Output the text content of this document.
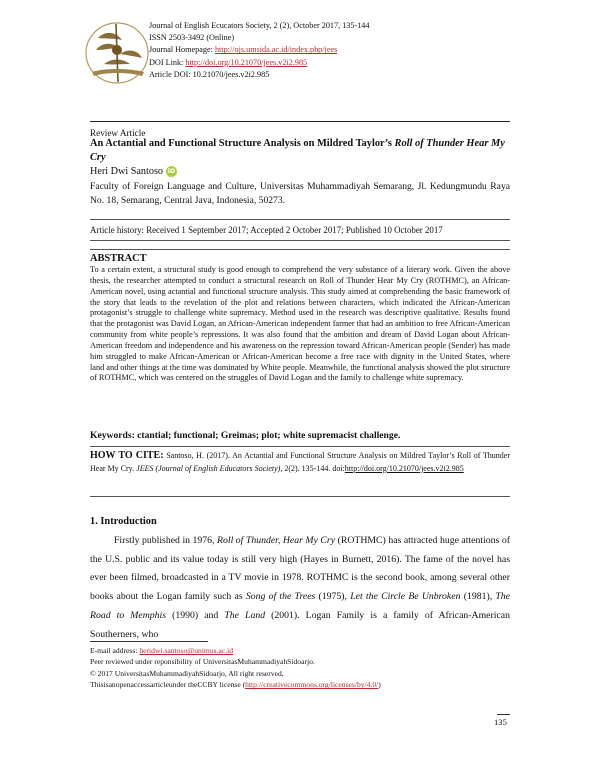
Journal of English Ecucators Society, 2 (2), October 2017, 135-144
ISSN 2503-3492 (Online)
Journal Homepage: http://ojs.umsida.ac.id/index.php/jees
DOI Link: http://doi.org/10.21070/jees.v2i2.985
Article DOI: 10.21070/jees.v2i2.985
Review Article
An Actantial and Functional Structure Analysis on Mildred Taylor’s Roll of Thunder Hear My Cry
Heri Dwi Santoso iD
Faculty of Foreign Language and Culture, Universitas Muhammadiyah Semarang, Jl. Kedungmundu Raya No. 18, Semarang, Central Java, Indonesia, 50273.
Article history: Received 1 September 2017; Accepted 2 October 2017; Published 10 October 2017
ABSTRACT
To a certain extent, a structural study is good enough to comprehend the very substance of a literary work. Given the above thesis, the researcher attempted to conduct a structural research on Roll of Thunder Hear My Cry (ROTHMC), an African-American novel, using actantial and functional structure analysis. This study aimed at comprehending the basic framework of the story that leads to the revelation of the plot and relations between characters, which indicated the African-American protagonist’s struggle to challenge white supremacy. Method used in the research was descriptive qualitative. Results found that the protagonist was David Logan, an African-American independent farmer that had an ambition to free African-American community from white people’s repressions. It was also found that the ambition and dream of David Logan about African-American freedom and independence and his awareness on the repression toward African-American people (Sender) has made him struggled to make African-American or African-American become a free race with dignity in the United States, where land and other things at the time was dominated by White people. Meanwhile, the functional analysis showed the plot structure of ROTHMC, which was centered on the struggles of David Logan and the family to challenge white supremacy.
Keywords: ctantial; functional; Greimas; plot; white supremacist challenge.
HOW TO CITE: Santoso, H. (2017). An Actantial and Functional Structure Analysis on Mildred Taylor’s Roll of Thunder Hear My Cry. JEES (Journal of English Educators Society), 2(2). 135-144. doi:http://doi.org/10.21070/jees.v2i2.985
1. Introduction
Firstly published in 1976, Roll of Thunder, Hear My Cry (ROTHMC) has attracted huge attentions of the U.S. public and its value today is still very high (Hayes in Burnett, 2016). The fame of the novel has ever been filmed, broadcasted in a TV movie in 1978. ROTHMC is the second book, among several other books about the Logan family such as Song of the Trees (1975), Let the Circle Be Unbroken (1981), The Road to Memphis (1990) and The Land (2001). Logan Family is a family of African-American Southerners, who
E-mail address: heridwi.santoso@unimus.ac.id
Peer reviewed under reponsibility of UniversitasMuhammadiyahSidoarjo.
© 2017 UniversitasMuhammadiyahSidoarjo, All right reserved,
Thisisanopenaccessarticleunder theCCBY license (http://creativecommons.org/licenses/by/4.0/)
135
